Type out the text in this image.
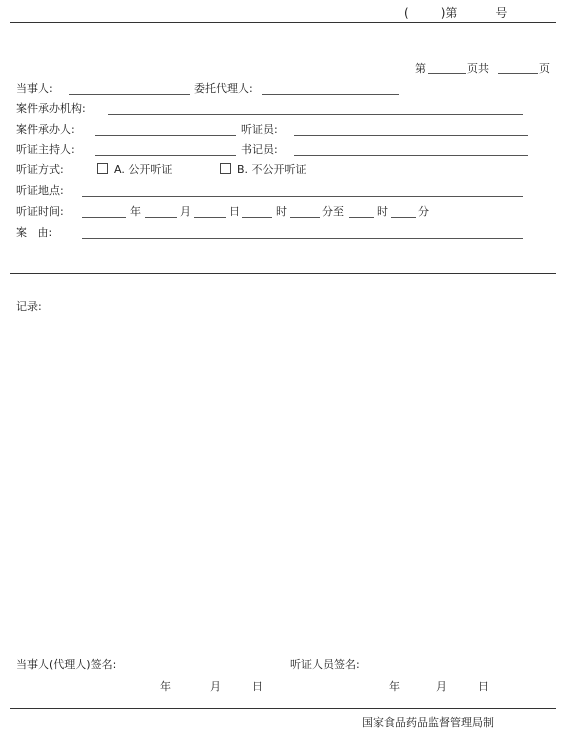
(	)第	号
第	页共	页
当事人:	委托代理人:
案件承办机构:
案件承办人:	听证员:
听证主持人:	书记员:
听证方式:	A. 公开听证	B. 不公开听证
听证地点:
听证时间:	年	月	日	时	分至	时	分
案   由:
记录:
当事人(代理人)签名:	听证人员签名:
年	月	日	年	月	日
国家食品药品监督管理局制
